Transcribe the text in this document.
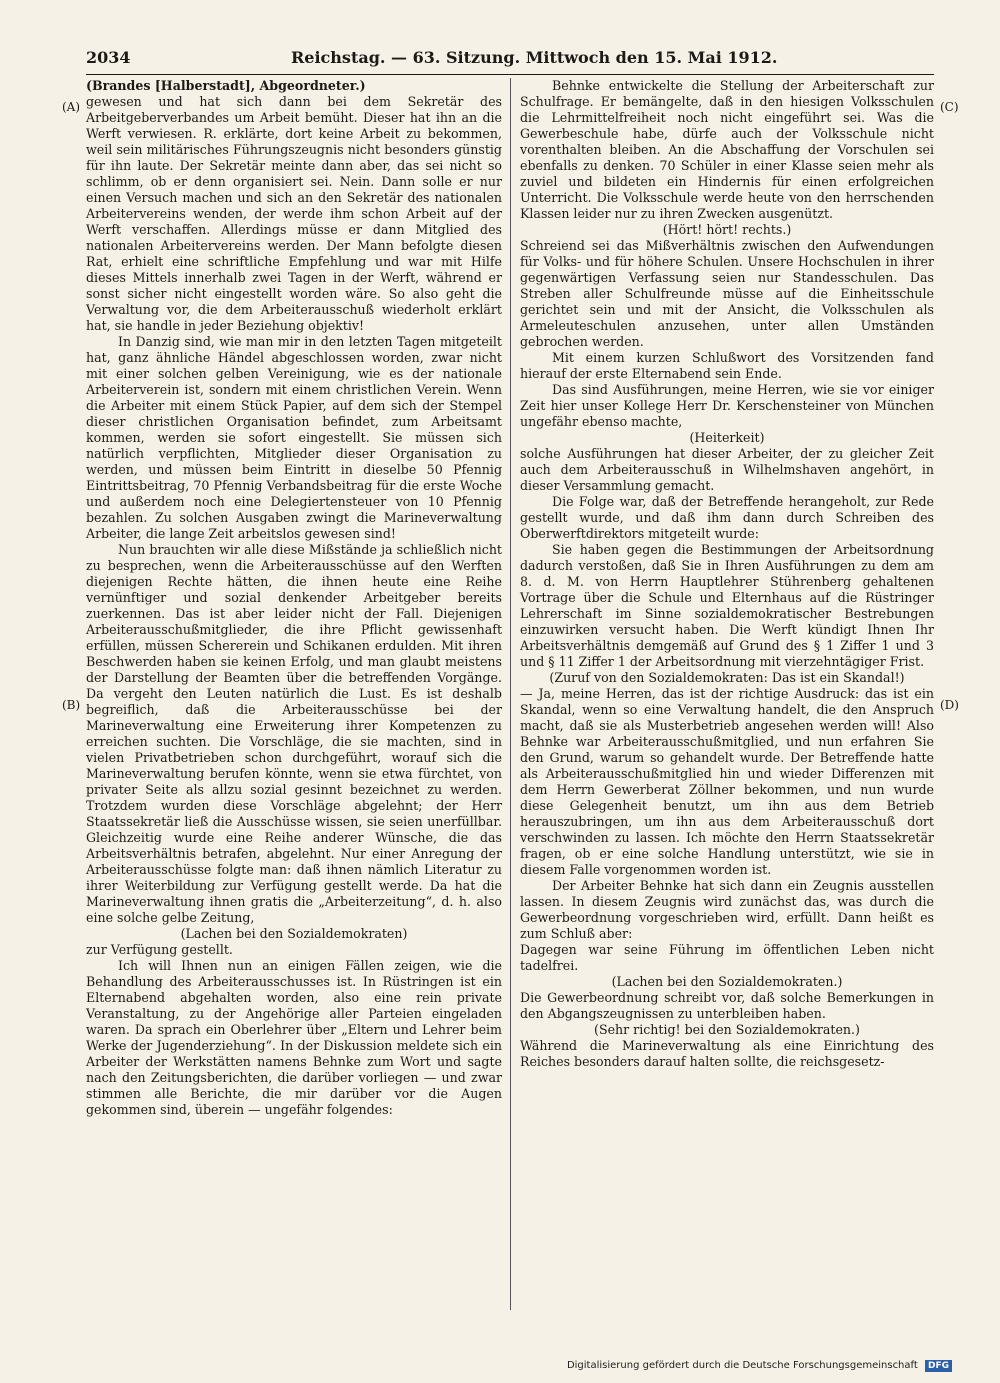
2034	Reichstag. — 63. Sitzung. Mittwoch den 15. Mai 1912.
(A)
(B)
(C)
(D)

(Brandes [Halberstadt], Abgeordneter.)

gewesen und hat sich dann bei dem Sekretär des Arbeitgeberverbandes um Arbeit bemüht. Dieser hat ihn an die Werft verwiesen. R. erklärte, dort keine Arbeit zu bekommen, weil sein militärisches Führungszeugnis nicht besonders günstig für ihn laute. Der Sekretär meinte dann aber, das sei nicht so schlimm, ob er denn organisiert sei. Nein. Dann solle er nur einen Versuch machen und sich an den Sekretär des nationalen Arbeitervereins wenden, der werde ihm schon Arbeit auf der Werft verschaffen. Allerdings müsse er dann Mitglied des nationalen Arbeitervereins werden. Der Mann befolgte diesen Rat, erhielt eine schriftliche Empfehlung und war mit Hilfe dieses Mittels innerhalb zwei Tagen in der Werft, während er sonst sicher nicht eingestellt worden wäre. So also geht die Verwaltung vor, die dem Arbeiterausschuß wiederholt erklärt hat, sie handle in jeder Beziehung objektiv!

In Danzig sind, wie man mir in den letzten Tagen mitgeteilt hat, ganz ähnliche Händel abgeschlossen worden, zwar nicht mit einer solchen gelben Vereinigung, wie es der nationale Arbeiterverein ist, sondern mit einem christlichen Verein. Wenn die Arbeiter mit einem Stück Papier, auf dem sich der Stempel dieser christlichen Organisation befindet, zum Arbeitsamt kommen, werden sie sofort eingestellt. Sie müssen sich natürlich verpflichten, Mitglieder dieser Organisation zu werden, und müssen beim Eintritt in dieselbe 50 Pfennig Eintrittsbeitrag, 70 Pfennig Verbandsbeitrag für die erste Woche und außerdem noch eine Delegiertensteuer von 10 Pfennig bezahlen. Zu solchen Ausgaben zwingt die Marineverwaltung Arbeiter, die lange Zeit arbeitslos gewesen sind!

Nun brauchten wir alle diese Mißstände ja schließlich nicht zu besprechen, wenn die Arbeiterausschüsse auf den Werften diejenigen Rechte hätten, die ihnen heute eine Reihe vernünftiger und sozial denkender Arbeitgeber bereits zuerkennen. Das ist aber leider nicht der Fall. Diejenigen Arbeiterausschußmitglieder, die ihre Pflicht gewissenhaft erfüllen, müssen Schererein und Schikanen erdulden. Mit ihren Beschwerden haben sie keinen Erfolg, und man glaubt meistens der Darstellung der Beamten über die betreffenden Vorgänge. Da vergeht den Leuten natürlich die Lust. Es ist deshalb begreiflich, daß die Arbeiterausschüsse bei der Marineverwaltung eine Erweiterung ihrer Kompetenzen zu erreichen suchten. Die Vorschläge, die sie machten, sind in vielen Privatbetrieben schon durchgeführt, worauf sich die Marineverwaltung berufen könnte, wenn sie etwa fürchtet, von privater Seite als allzu sozial gesinnt bezeichnet zu werden. Trotzdem wurden diese Vorschläge abgelehnt; der Herr Staatssekretär ließ die Ausschüsse wissen, sie seien unerfüllbar. Gleichzeitig wurde eine Reihe anderer Wünsche, die das Arbeitsverhältnis betrafen, abgelehnt. Nur einer Anregung der Arbeiterausschüsse folgte man: daß ihnen nämlich Literatur zu ihrer Weiterbildung zur Verfügung gestellt werde. Da hat die Marineverwaltung ihnen gratis die „Arbeiterzeitung“, d. h. also eine solche gelbe Zeitung,

(Lachen bei den Sozialdemokraten)

zur Verfügung gestellt.

Ich will Ihnen nun an einigen Fällen zeigen, wie die Behandlung des Arbeiterausschusses ist. In Rüstringen ist ein Elternabend abgehalten worden, also eine rein private Veranstaltung, zu der Angehörige aller Parteien eingeladen waren. Da sprach ein Oberlehrer über „Eltern und Lehrer beim Werke der Jugenderziehung“. In der Diskussion meldete sich ein Arbeiter der Werkstätten namens Behnke zum Wort und sagte nach den Zeitungsberichten, die darüber vorliegen — und zwar stimmen alle Berichte, die mir darüber vor die Augen gekommen sind, überein — ungefähr folgendes:

Behnke entwickelte die Stellung der Arbeiterschaft zur Schulfrage. Er bemängelte, daß in den hiesigen Volksschulen die Lehrmittelfreiheit noch nicht eingeführt sei. Was die Gewerbeschule habe, dürfe auch der Volksschule nicht vorenthalten bleiben. An die Abschaffung der Vorschulen sei ebenfalls zu denken. 70 Schüler in einer Klasse seien mehr als zuviel und bildeten ein Hindernis für einen erfolgreichen Unterricht. Die Volksschule werde heute von den herrschenden Klassen leider nur zu ihren Zwecken ausgenützt.

(Hört! hört! rechts.)

Schreiend sei das Mißverhältnis zwischen den Aufwendungen für Volks- und für höhere Schulen. Unsere Hochschulen in ihrer gegenwärtigen Verfassung seien nur Standesschulen. Das Streben aller Schulfreunde müsse auf die Einheitsschule gerichtet sein und mit der Ansicht, die Volksschulen als Armeleuteschulen anzusehen, unter allen Umständen gebrochen werden.

Mit einem kurzen Schlußwort des Vorsitzenden fand hierauf der erste Elternabend sein Ende.

Das sind Ausführungen, meine Herren, wie sie vor einiger Zeit hier unser Kollege Herr Dr. Kerschensteiner von München ungefähr ebenso machte,

(Heiterkeit)

solche Ausführungen hat dieser Arbeiter, der zu gleicher Zeit auch dem Arbeiterausschuß in Wilhelmshaven angehört, in dieser Versammlung gemacht.

Die Folge war, daß der Betreffende herangeholt, zur Rede gestellt wurde, und daß ihm dann durch Schreiben des Oberwerftdirektors mitgeteilt wurde:

Sie haben gegen die Bestimmungen der Arbeitsordnung dadurch verstoßen, daß Sie in Ihren Ausführungen zu dem am 8. d. M. von Herrn Hauptlehrer Stührenberg gehaltenen Vortrage über die Schule und Elternhaus auf die Rüstringer Lehrerschaft im Sinne sozialdemokratischer Bestrebungen einzuwirken versucht haben. Die Werft kündigt Ihnen Ihr Arbeitsverhältnis demgemäß auf Grund des § 1 Ziffer 1 und 3 und § 11 Ziffer 1 der Arbeitsordnung mit vierzehntägiger Frist.

(Zuruf von den Sozialdemokraten: Das ist ein Skandal!)

— Ja, meine Herren, das ist der richtige Ausdruck: das ist ein Skandal, wenn so eine Verwaltung handelt, die den Anspruch macht, daß sie als Musterbetrieb angesehen werden will! Also Behnke war Arbeiterausschußmitglied, und nun erfahren Sie den Grund, warum so gehandelt wurde. Der Betreffende hatte als Arbeiterausschußmitglied hin und wieder Differenzen mit dem Herrn Gewerberat Zöllner bekommen, und nun wurde diese Gelegenheit benutzt, um ihn aus dem Betrieb herauszubringen, um ihn aus dem Arbeiterausschuß dort verschwinden zu lassen. Ich möchte den Herrn Staatssekretär fragen, ob er eine solche Handlung unterstützt, wie sie in diesem Falle vorgenommen worden ist.

Der Arbeiter Behnke hat sich dann ein Zeugnis ausstellen lassen. In diesem Zeugnis wird zunächst das, was durch die Gewerbeordnung vorgeschrieben wird, erfüllt. Dann heißt es zum Schluß aber:

Dagegen war seine Führung im öffentlichen Leben nicht tadelfrei.

(Lachen bei den Sozialdemokraten.)

Die Gewerbeordnung schreibt vor, daß solche Bemerkungen in den Abgangszeugnissen zu unterbleiben haben.

(Sehr richtig! bei den Sozialdemokraten.)

Während die Marineverwaltung als eine Einrichtung des Reiches besonders darauf halten sollte, die reichsgesetz-

Digitalisierung gefördert durch die Deutsche Forschungsgemeinschaft DFG
